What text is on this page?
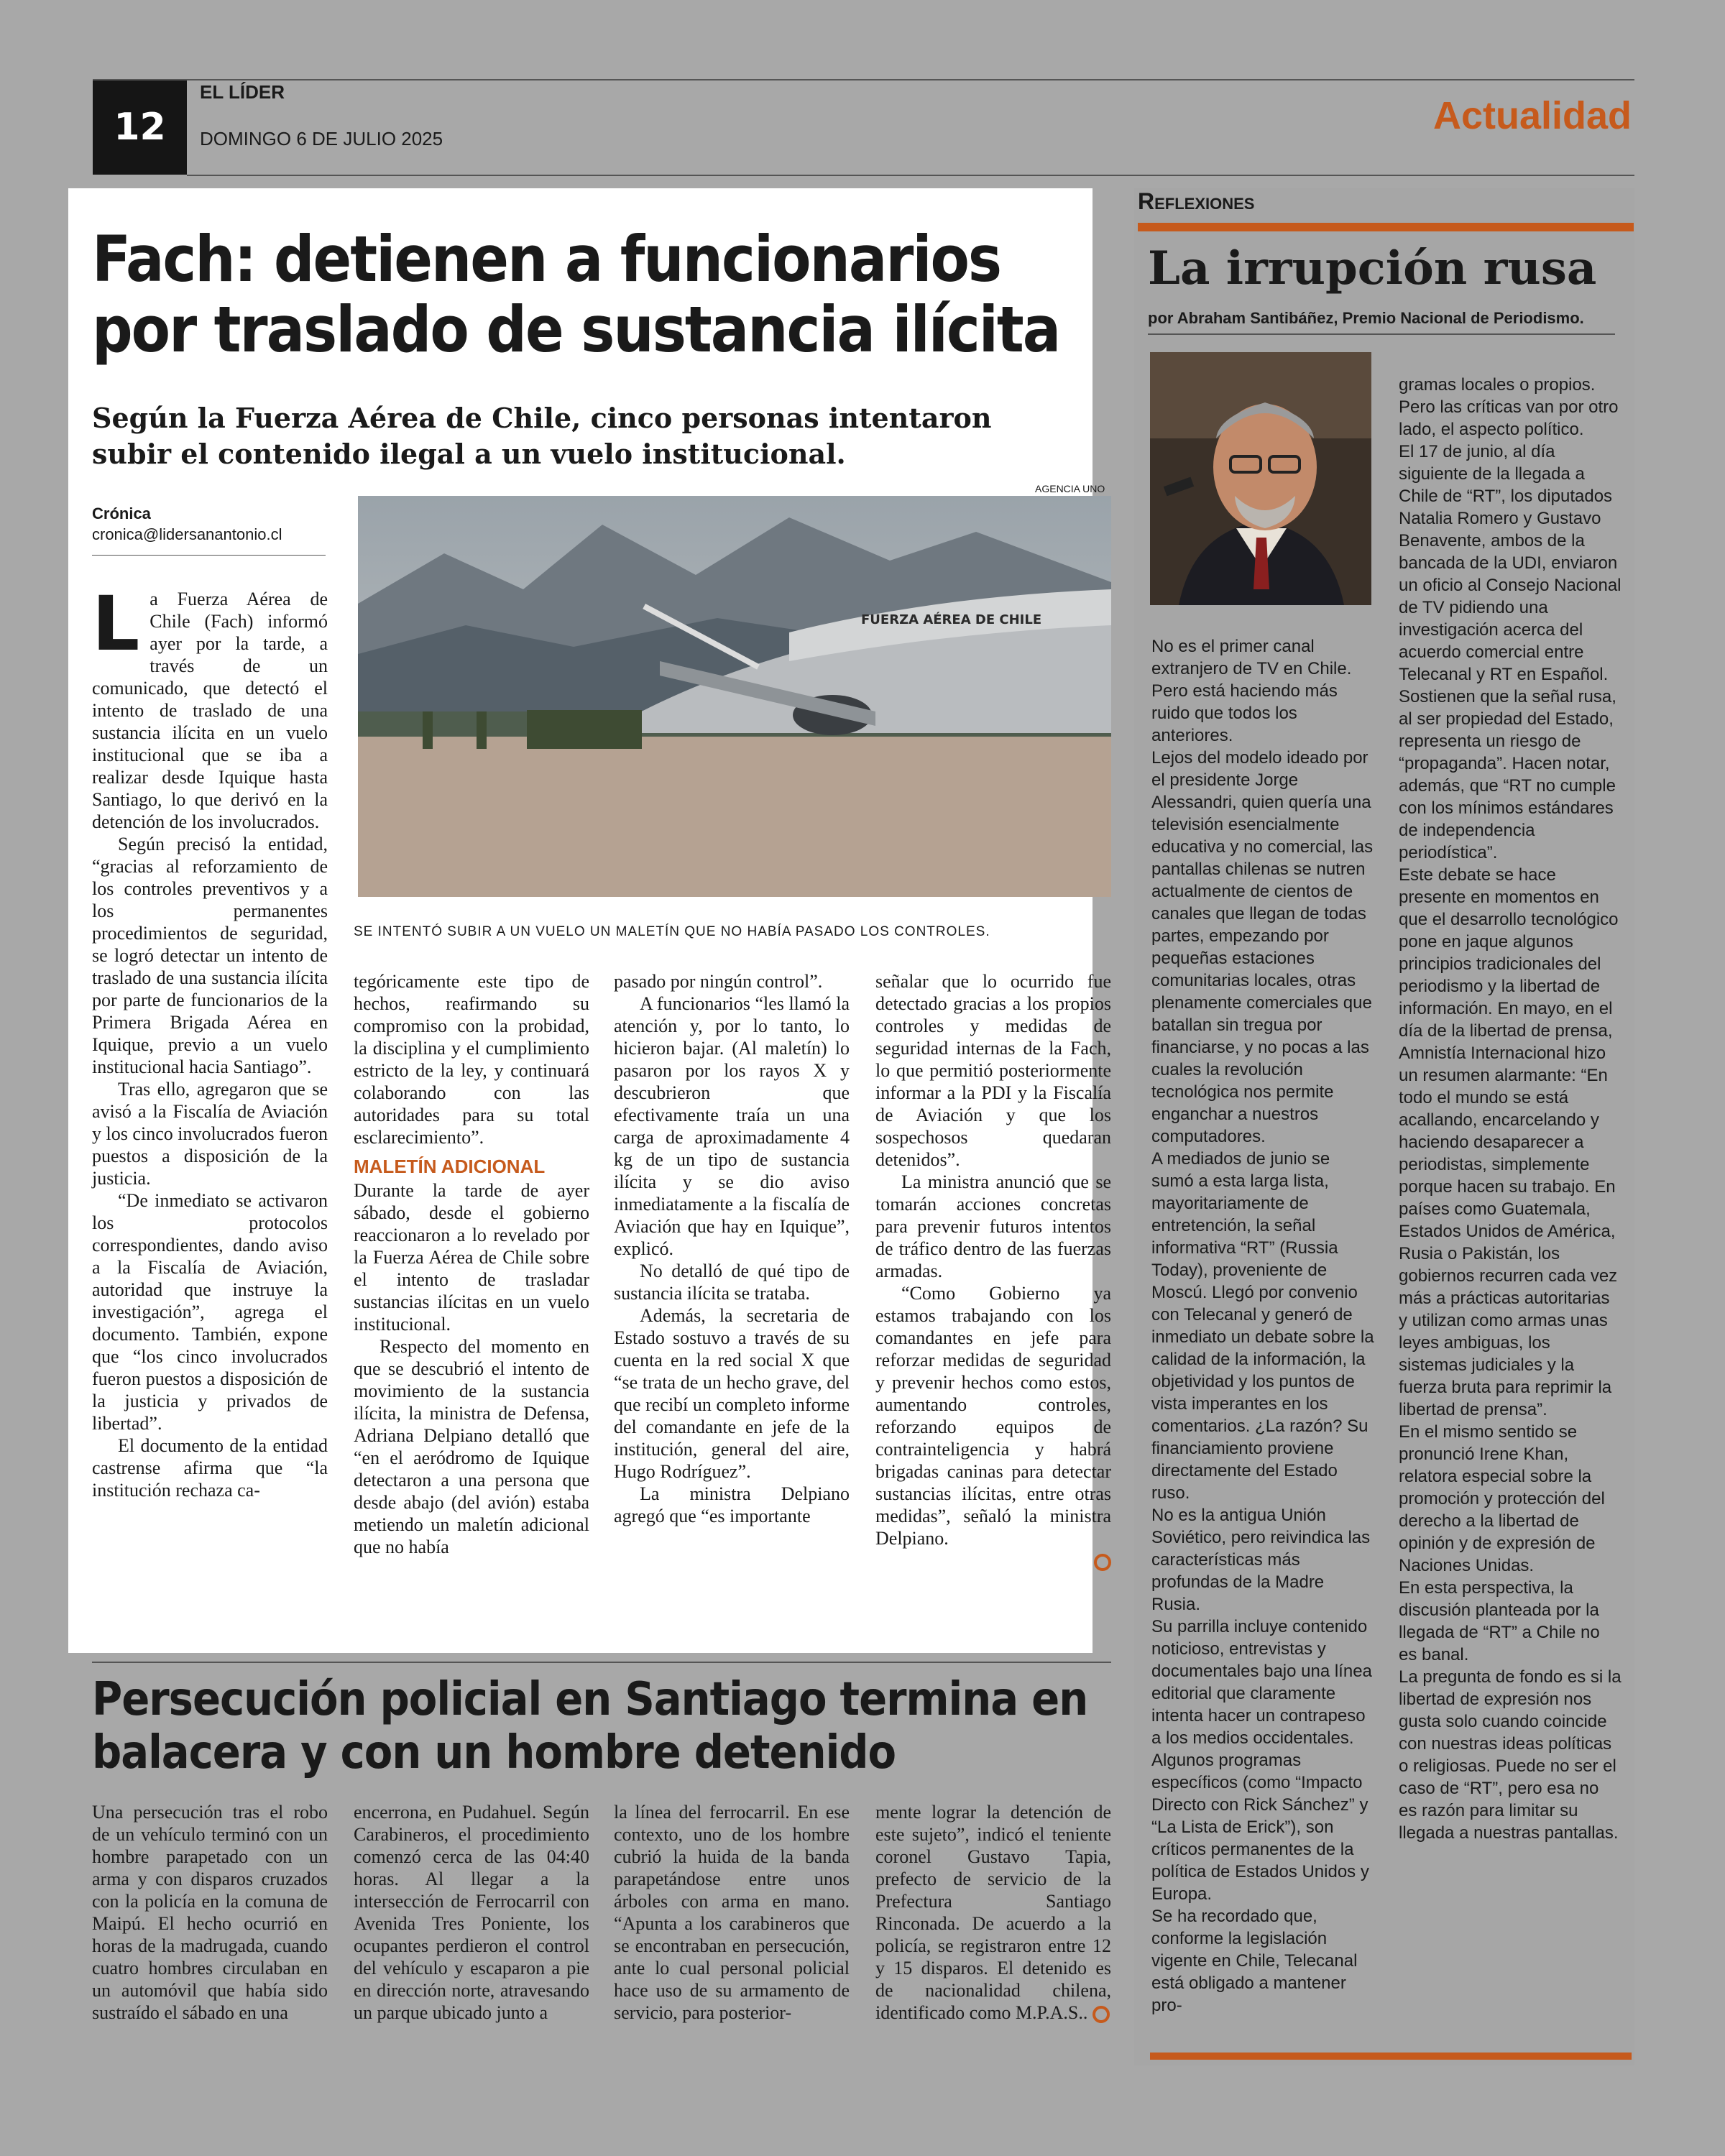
12
EL LÍDER
DOMINGO 6 DE JULIO 2025
Actualidad
Fach: detienen a funcionarios por traslado de sustancia ilícita
Según la Fuerza Aérea de Chile, cinco personas intentaron subir el contenido ilegal a un vuelo institucional.
Crónica
cronica@lidersanantonio.cl
AGENCIA UNO
FUERZA AÉREA DE CHILE
SE INTENTÓ SUBIR A UN VUELO UN MALETÍN QUE NO HABÍA PASADO LOS CONTROLES.
L a Fuerza Aérea de Chile (Fach) informó ayer por la tarde, a través de un comunicado, que detectó el intento de traslado de una sustancia ilícita en un vuelo institucional que se iba a realizar desde Iquique hasta Santiago, lo que derivó en la detención de los involucrados.

Según precisó la entidad, “gracias al reforzamiento de los controles preventivos y a los permanentes procedimientos de seguridad, se logró detectar un intento de traslado de una sustancia ilícita por parte de funcionarios de la Primera Brigada Aérea en Iquique, previo a un vuelo institucional hacia Santiago”.

Tras ello, agregaron que se avisó a la Fiscalía de Aviación y los cinco involucrados fueron puestos a disposición de la justicia.

“De inmediato se activaron los protocolos correspondientes, dando aviso a la Fiscalía de Aviación, autoridad que instruye la investigación”, agrega el documento. También, expone que “los cinco involucrados fueron puestos a disposición de la justicia y privados de libertad”.

El documento de la entidad castrense afirma que “la institución rechaza ca-

tegóricamente este tipo de hechos, reafirmando su compromiso con la probidad, la disciplina y el cumplimiento estricto de la ley, y continuará colaborando con las autoridades para su total esclarecimiento”.

MALETÍN ADICIONAL

Durante la tarde de ayer sábado, desde el gobierno reaccionaron a lo revelado por la Fuerza Aérea de Chile sobre el intento de trasladar sustancias ilícitas en un vuelo institucional.

Respecto del momento en que se descubrió el intento de movimiento de la sustancia ilícita, la ministra de Defensa, Adriana Delpiano detalló que “en el aeródromo de Iquique detectaron a una persona que desde abajo (del avión) estaba metiendo un maletín adicional que no había

pasado por ningún control”.

A funcionarios “les llamó la atención y, por lo tanto, lo hicieron bajar. (Al maletín) lo pasaron por los rayos X y descubrieron que efectivamente traía un una carga de aproximadamente 4 kg de un tipo de sustancia ilícita y se dio aviso inmediatamente a la fiscalía de Aviación que hay en Iquique”, explicó.

No detalló de qué tipo de sustancia ilícita se trataba.

Además, la secretaria de Estado sostuvo a través de su cuenta en la red social X que “se trata de un hecho grave, del que recibí un completo informe del comandante en jefe de la institución, general del aire, Hugo Rodríguez”.

La ministra Delpiano agregó que “es importante

señalar que lo ocurrido fue detectado gracias a los propios controles y medidas de seguridad internas de la Fach, lo que permitió posteriormente informar a la PDI y la Fiscalía de Aviación y que los sospechosos quedaran detenidos”.

La ministra anunció que se tomarán acciones concretas para prevenir futuros intentos de tráfico dentro de las fuerzas armadas.

“Como Gobierno ya estamos trabajando con los comandantes en jefe para reforzar medidas de seguridad y prevenir hechos como estos, aumentando controles, reforzando equipos de contrainteligencia y habrá brigadas caninas para detectar sustancias ilícitas, entre otras medidas”, señaló la ministra Delpiano.

Persecución policial en Santiago termina en balacera y con un hombre detenido

Una persecución tras el robo de un vehículo terminó con un hombre parapetado con un arma y con disparos cruzados con la policía en la comuna de Maipú. El hecho ocurrió en horas de la madrugada, cuando cuatro hombres circulaban en un automóvil que había sido sustraído el sábado en una

encerrona, en Pudahuel. Según Carabineros, el procedimiento comenzó cerca de las 04:40 horas. Al llegar a la intersección de Ferrocarril con Avenida Tres Poniente, los ocupantes perdieron el control del vehículo y escaparon a pie en dirección norte, atravesando un parque ubicado junto a

la línea del ferrocarril. En ese contexto, uno de los hombre cubrió la huida de la banda parapetándose entre unos árboles con arma en mano. “Apunta a los carabineros que se encontraban en persecución, ante lo cual personal policial hace uso de su armamento de servicio, para posterior-

mente lograr la detención de este sujeto”, indicó el teniente coronel Gustavo Tapia, prefecto de servicio de la Prefectura Santiago Rinconada. De acuerdo a la policía, se registraron entre 12 y 15 disparos. El detenido es de nacionalidad chilena, identificado como M.P.A.S..

Reflexiones
La irrupción rusa
por Abraham Santibáñez, Premio Nacional de Periodismo.

No es el primer canal extranjero de TV en Chile. Pero está haciendo más ruido que todos los anteriores.

Lejos del modelo ideado por el presidente Jorge Alessandri, quien quería una televisión esencialmente educativa y no comercial, las pantallas chilenas se nutren actualmente de cientos de canales que llegan de todas partes, empezando por pequeñas estaciones comunitarias locales, otras plenamente comerciales que batallan sin tregua por financiarse, y no pocas a las cuales la revolución tecnológica nos permite enganchar a nuestros computadores.

A mediados de junio se sumó a esta larga lista, mayoritariamente de entretención, la señal informativa “RT” (Russia Today), proveniente de Moscú. Llegó por convenio con Telecanal y generó de inmediato un debate sobre la calidad de la información, la objetividad y los puntos de vista imperantes en los comentarios. ¿La razón? Su financiamiento proviene directamente del Estado ruso.

No es la antigua Unión Soviético, pero reivindica las características más profundas de la Madre Rusia.

Su parrilla incluye contenido noticioso, entrevistas y documentales bajo una línea editorial que claramente intenta hacer un contrapeso a los medios occidentales.

Algunos programas específicos (como “Impacto Directo con Rick Sánchez” y “La Lista de Erick”), son críticos permanentes de la política de Estados Unidos y Europa.

Se ha recordado que, conforme la legislación vigente en Chile, Telecanal está obligado a mantener pro-

gramas locales o propios. Pero las críticas van por otro lado, el aspecto político.

El 17 de junio, al día siguiente de la llegada a Chile de “RT”, los diputados Natalia Romero y Gustavo Benavente, ambos de la bancada de la UDI, enviaron un oficio al Consejo Nacional de TV pidiendo una investigación acerca del acuerdo comercial entre Telecanal y RT en Español.

Sostienen que la señal rusa, al ser propiedad del Estado, representa un riesgo de “propaganda”. Hacen notar, además, que “RT no cumple con los mínimos estándares de independencia periodística”.

Este debate se hace presente en momentos en que el desarrollo tecnológico pone en jaque algunos principios tradicionales del periodismo y la libertad de información. En mayo, en el día de la libertad de prensa, Amnistía Internacional hizo un resumen alarmante: “En todo el mundo se está acallando, encarcelando y haciendo desaparecer a periodistas, simplemente porque hacen su trabajo. En países como Guatemala, Estados Unidos de América, Rusia o Pakistán, los gobiernos recurren cada vez más a prácticas autoritarias y utilizan como armas unas leyes ambiguas, los sistemas judiciales y la fuerza bruta para reprimir la libertad de prensa”.

En el mismo sentido se pronunció Irene Khan, relatora especial sobre la promoción y protección del derecho a la libertad de opinión y de expresión de Naciones Unidas.

En esta perspectiva, la discusión planteada por la llegada de “RT” a Chile no es banal.

La pregunta de fondo es si la libertad de expresión nos gusta solo cuando coincide con nuestras ideas políticas o religiosas. Puede no ser el caso de “RT”, pero esa no es razón para limitar su llegada a nuestras pantallas.
